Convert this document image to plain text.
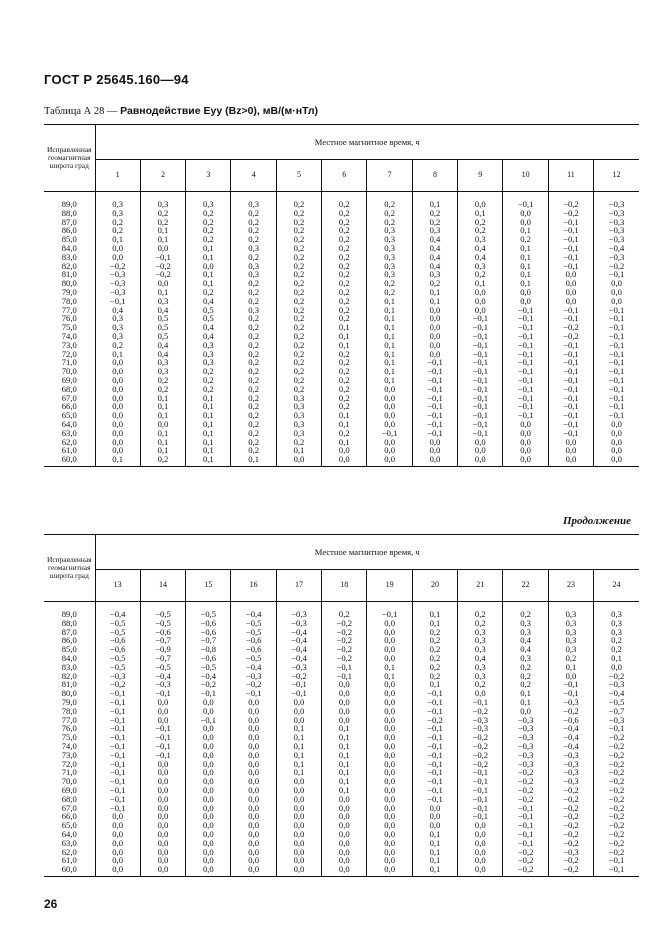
ГОСТ Р 25645.160—94
Таблица А 28 — Равнодействие Eyy (Bz>0), мВ/(м·нТл)
Исправленная геомагнитная широта град	Местное магнитное время, ч											
	1	2	3	4	5	6	7	8	9	10	11	12
89,0	0,3	0,3	0,3	0,3	0,2	0,2	0,2	0,1	0,0	−0,1	−0,2	−0,3
88,0	0,3	0,2	0,2	0,2	0,2	0,2	0,2	0,2	0,1	0,0	−0,2	−0,3
87,0	0,2	0,2	0,2	0,2	0,2	0,2	0,2	0,2	0,2	0,0	−0,1	−0,3
86,0	0,2	0,1	0,2	0,2	0,2	0,2	0,3	0,3	0,2	0,1	−0,1	−0,3
85,0	0,1	0,1	0,2	0,2	0,2	0,2	0,3	0,4	0,3	0,2	−0,1	−0,3
84,0	0,0	0,0	0,1	0,3	0,2	0,2	0,3	0,4	0,4	0,1	−0,1	−0,4
83,0	0,0	−0,1	0,1	0,2	0,2	0,2	0,3	0,4	0,4	0,1	−0,1	−0,3
82,0	−0,2	−0,2	0,0	0,3	0,2	0,2	0,3	0,4	0,3	0,1	−0,1	−0,2
81,0	−0,3	−0,2	0,1	0,3	0,2	0,2	0,3	0,3	0,2	0,1	0,0	−0,1
80,0	−0,3	0,0	0,1	0,2	0,2	0,2	0,2	0,2	0,1	0,1	0,0	0,0
79,0	−0,3	0,1	0,2	0,2	0,2	0,2	0,2	0,1	0,0	0,0	0,0	0,0
78,0	−0,1	0,3	0,4	0,2	0,2	0,2	0,1	0,1	0,0	0,0	0,0	0,0
77,0	0,4	0,4	0,5	0,3	0,2	0,2	0,1	0,0	0,0	−0,1	−0,1	−0,1
76,0	0,3	0,5	0,5	0,2	0,2	0,2	0,1	0,0	−0,1	−0,1	−0,1	−0,1
75,0	0,3	0,5	0,4	0,2	0,2	0,1	0,1	0,0	−0,1	−0,1	−0,2	−0,1
74,0	0,3	0,5	0,4	0,2	0,2	0,1	0,1	0,0	−0,1	−0,1	−0,2	−0,1
73,0	0,2	0,4	0,3	0,2	0,2	0,1	0,1	0,0	−0,1	−0,1	−0,1	−0,1
72,0	0,1	0,4	0,3	0,2	0,2	0,2	0,1	0,0	−0,1	−0,1	−0,1	−0,1
71,0	0,0	0,3	0,3	0,2	0,2	0,2	0,1	−0,1	−0,1	−0,1	−0,1	−0,1
70,0	0,0	0,3	0,2	0,2	0,2	0,2	0,1	−0,1	−0,1	−0,1	−0,1	−0,1
69,0	0,0	0,2	0,2	0,2	0,2	0,2	0,1	−0,1	−0,1	−0,1	−0,1	−0,1
68,0	0,0	0,2	0,2	0,2	0,2	0,2	0,0	−0,1	−0,1	−0,1	−0,1	−0,1
67,0	0,0	0,1	0,1	0,2	0,3	0,2	0,0	−0,1	−0,1	−0,1	−0,1	−0,1
66,0	0,0	0,1	0,1	0,2	0,3	0,2	0,0	−0,1	−0,1	−0,1	−0,1	−0,1
65,0	0,0	0,1	0,1	0,2	0,3	0,1	0,0	−0,1	−0,1	−0,1	−0,1	−0,1
64,0	0,0	0,0	0,1	0,2	0,3	0,1	0,0	−0,1	−0,1	0,0	−0,1	0,0
63,0	0,0	0,1	0,1	0,2	0,3	0,2	−0,1	−0,1	−0,1	0,0	−0,1	0,0
62,0	0,0	0,1	0,1	0,2	0,2	0,1	0,0	0,0	0,0	0,0	0,0	0,0
61,0	0,0	0,1	0,1	0,2	0,1	0,0	0,0	0,0	0,0	0,0	0,0	0,0
60,0	0,1	0,2	0,1	0,1	0,0	0,0	0,0	0,0	0,0	0,0	0,0	0,0
Продолжение
Исправленная геомагнитная широта град	Местное магнитное время, ч											
	13	14	15	16	17	18	19	20	21	22	23	24
89,0	−0,4	−0,5	−0,5	−0,4	−0,3	0,2	−0,1	0,1	0,2	0,2	0,3	0,3
88,0	−0,5	−0,5	−0,6	−0,5	−0,3	−0,2	0,0	0,1	0,2	0,3	0,3	0,3
87,0	−0,5	−0,6	−0,6	−0,5	−0,4	−0,2	0,0	0,2	0,3	0,3	0,3	0,3
86,0	−0,6	−0,7	−0,7	−0,6	−0,4	−0,2	0,0	0,2	0,3	0,4	0,3	0,2
85,0	−0,6	−0,9	−0,8	−0,6	−0,4	−0,2	0,0	0,2	0,3	0,4	0,3	0,2
84,0	−0,5	−0,7	−0,6	−0,5	−0,4	−0,2	0,0	0,2	0,4	0,3	0,2	0,1
83,0	−0,5	−0,5	−0,5	−0,4	−0,3	−0,1	0,1	0,2	0,3	0,2	0,1	0,0
82,0	−0,3	−0,4	−0,4	−0,3	−0,2	−0,1	0,1	0,2	0,3	0,2	0,0	−0,2
81,0	−0,2	−0,3	−0,2	−0,2	−0,1	0,0	0,0	0,1	0,2	0,2	−0,1	−0,3
80,0	−0,1	−0,1	−0,1	−0,1	−0,1	0,0	0,0	−0,1	0,0	0,1	−0,1	−0,4
79,0	−0,1	0,0	0,0	0,0	0,0	0,0	0,0	−0,1	−0,1	0,1	−0,3	−0,5
78,0	−0,1	0,0	0,0	0,0	0,0	0,0	0,0	−0,1	−0,2	0,0	−0,2	−0,7
77,0	−0,1	0,0	−0,1	0,0	0,0	0,0	0,0	−0,2	−0,3	−0,3	−0,6	−0,3
76,0	−0,1	−0,1	0,0	0,0	0,1	0,1	0,0	−0,1	−0,3	−0,3	−0,4	−0,1
75,0	−0,1	−0,1	0,0	0,0	0,1	0,1	0,0	−0,1	−0,2	−0,3	−0,4	−0,2
74,0	−0,1	−0,1	0,0	0,0	0,1	0,1	0,0	−0,1	−0,2	−0,3	−0,4	−0,2
73,0	−0,1	−0,1	0,0	0,0	0,1	0,1	0,0	−0,1	−0,2	−0,3	−0,3	−0,2
72,0	−0,1	0,0	0,0	0,0	0,1	0,1	0,0	−0,1	−0,2	−0,3	−0,3	−0,2
71,0	−0,1	0,0	0,0	0,0	0,1	0,1	0,0	−0,1	−0,1	−0,2	−0,3	−0,2
70,0	−0,1	0,0	0,0	0,0	0,0	0,1	0,0	−0,1	−0,1	−0,2	−0,3	−0,2
69,0	−0,1	0,0	0,0	0,0	0,0	0,1	0,0	−0,1	−0,1	−0,2	−0,2	−0,2
68,0	−0,1	0,0	0,0	0,0	0,0	0,0	0,0	−0,1	−0,1	−0,2	−0,2	−0,2
67,0	−0,1	0,0	0,0	0,0	0,0	0,0	0,0	0,0	−0,1	−0,1	−0,2	−0,2
66,0	0,0	0,0	0,0	0,0	0,0	0,0	0,0	0,0	−0,1	−0,1	−0,2	−0,2
65,0	0,0	0,0	0,0	0,0	0,0	0,0	0,0	0,0	0,0	−0,1	−0,2	−0,2
64,0	0,0	0,0	0,0	0,0	0,0	0,0	0,0	0,1	0,0	−0,1	−0,2	−0,2
63,0	0,0	0,0	0,0	0,0	0,0	0,0	0,0	0,1	0,0	−0,1	−0,2	−0,2
62,0	0,0	0,0	0,0	0,0	0,0	0,0	0,0	0,1	0,0	−0,2	−0,3	−0,2
61,0	0,0	0,0	0,0	0,0	0,0	0,0	0,0	0,1	0,0	−0,2	−0,2	−0,1
60,0	0,0	0,0	0,0	0,0	0,0	0,0	0,0	0,1	0,0	−0,2	−0,2	−0,1
26
